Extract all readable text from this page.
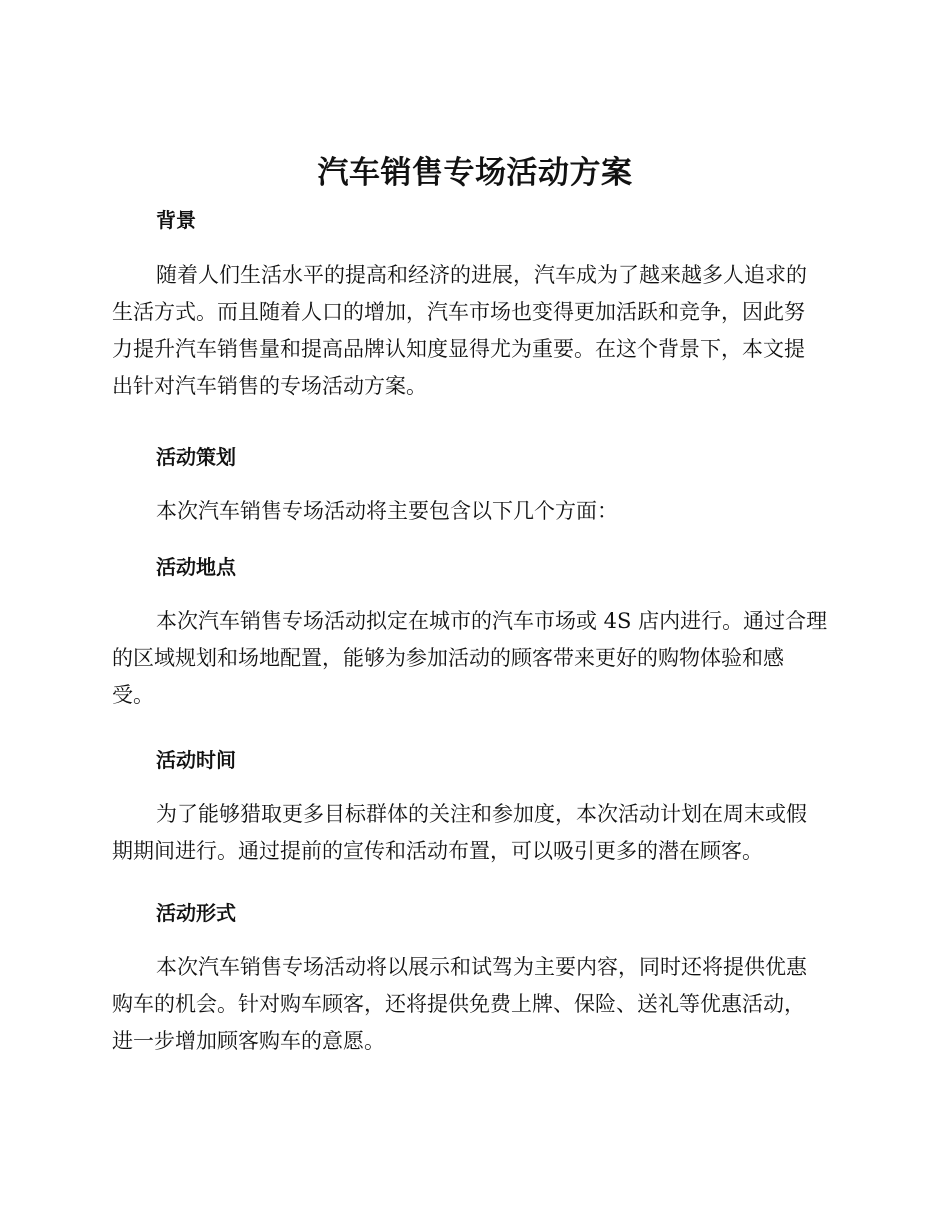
汽车销售专场活动方案
背景

随着人们生活水平的提高和经济的进展，汽车成为了越来越多人追求的
生活方式。而且随着人口的增加，汽车市场也变得更加活跃和竞争，因此努
力提升汽车销售量和提高品牌认知度显得尤为重要。在这个背景下，本文提
出针对汽车销售的专场活动方案。

活动策划

本次汽车销售专场活动将主要包含以下几个方面：

活动地点

本次汽车销售专场活动拟定在城市的汽车市场或 4S 店内进行。通过合理
的区域规划和场地配置，能够为参加活动的顾客带来更好的购物体验和感
受。

活动时间

为了能够猎取更多目标群体的关注和参加度，本次活动计划在周末或假
期期间进行。通过提前的宣传和活动布置，可以吸引更多的潜在顾客。

活动形式

本次汽车销售专场活动将以展示和试驾为主要内容，同时还将提供优惠
购车的机会。针对购车顾客，还将提供免费上牌、保险、送礼等优惠活动，
进一步增加顾客购车的意愿。
